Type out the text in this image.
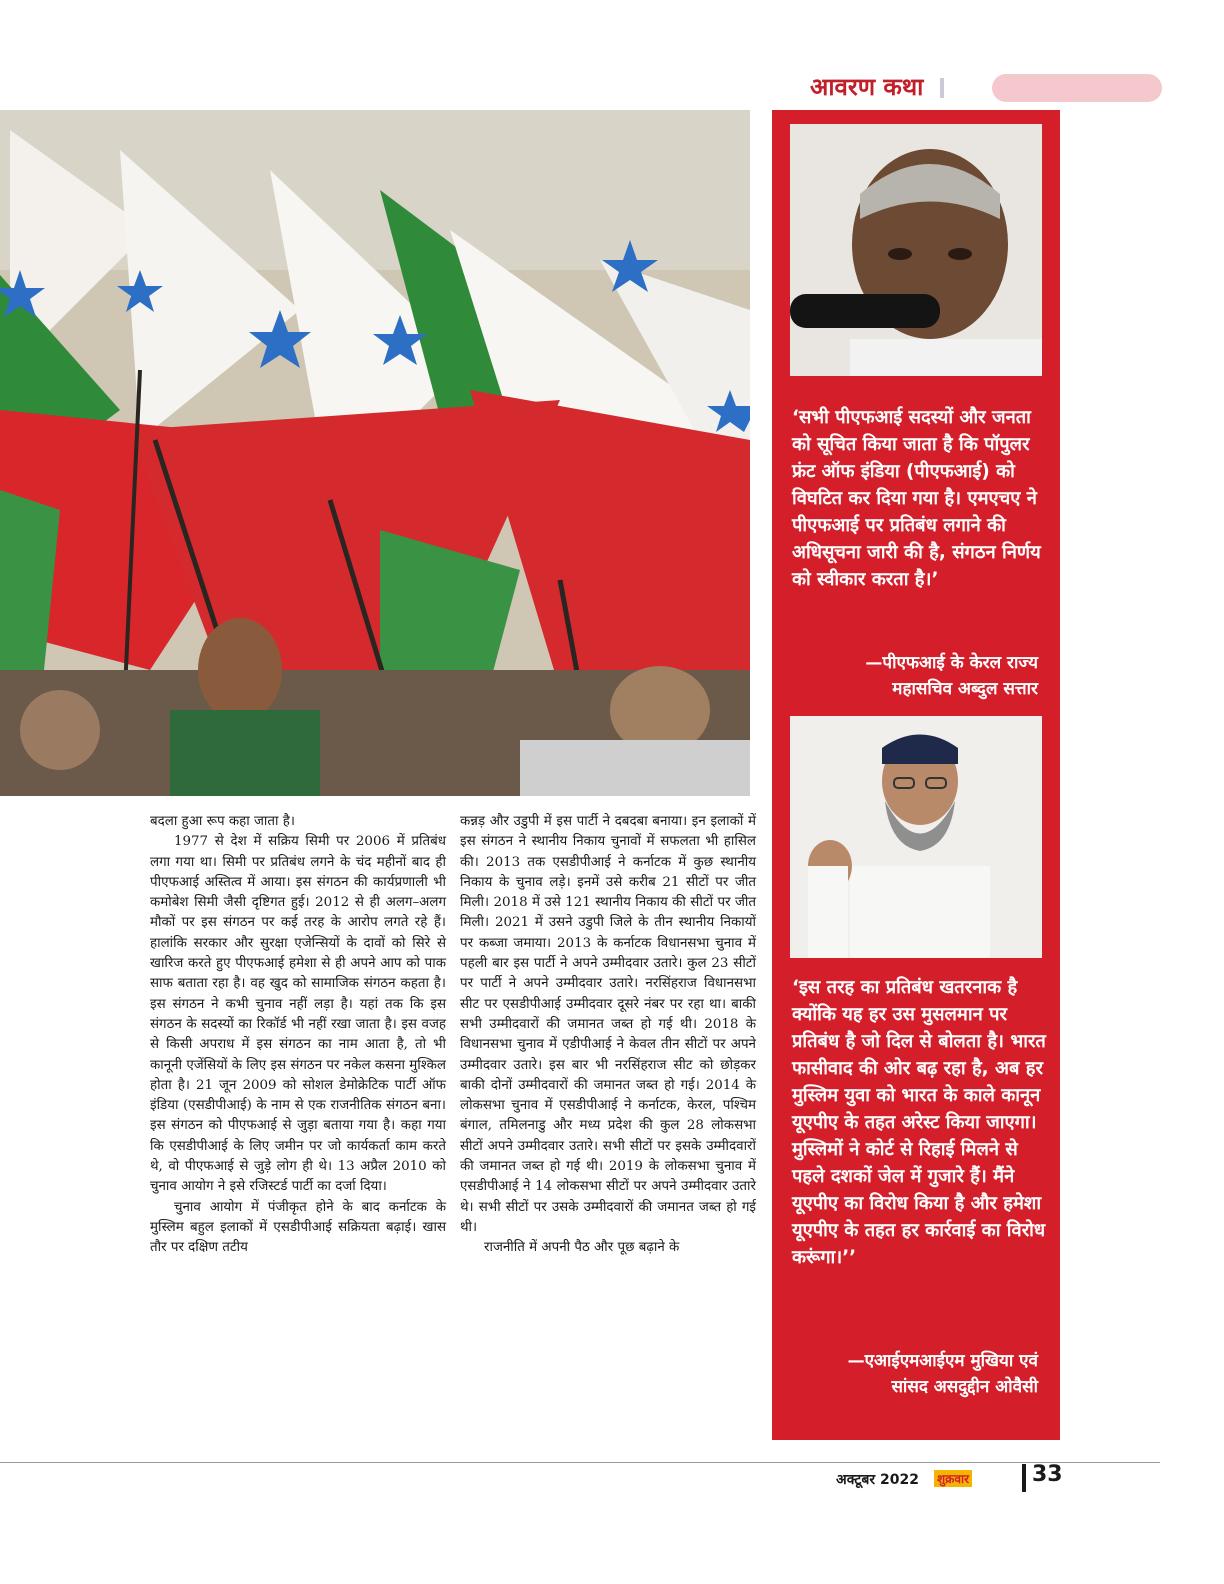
आवरण कथा

बदला हुआ रूप कहा जाता है।

1977 से देश में सक्रिय सिमी पर 2006 में प्रतिबंध लगा गया था। सिमी पर प्रतिबंध लगने के चंद महीनों बाद ही पीएफआई अस्तित्व में आया। इस संगठन की कार्यप्रणाली भी कमोबेश सिमी जैसी दृष्टिगत हुई। 2012 से ही अलग–अलग मौकों पर इस संगठन पर कई तरह के आरोप लगते रहे हैं। हालांकि सरकार और सुरक्षा एजेन्सियों के दावों को सिरे से खारिज करते हुए पीएफआई हमेशा से ही अपने आप को पाक साफ बताता रहा है। वह खुद को सामाजिक संगठन कहता है। इस संगठन ने कभी चुनाव नहीं लड़ा है। यहां तक कि इस संगठन के सदस्यों का रिकॉर्ड भी नहीं रखा जाता है। इस वजह से किसी अपराध में इस संगठन का नाम आता है, तो भी कानूनी एजेंसियों के लिए इस संगठन पर नकेल कसना मुश्किल होता है। 21 जून 2009 को सोशल डेमोक्रेटिक पार्टी ऑफ इंडिया (एसडीपीआई) के नाम से एक राजनीतिक संगठन बना। इस संगठन को पीएफआई से जुड़ा बताया गया है। कहा गया कि एसडीपीआई के लिए जमीन पर जो कार्यकर्ता काम करते थे, वो पीएफआई से जुड़े लोग ही थे। 13 अप्रैल 2010 को चुनाव आयोग ने इसे रजिस्टर्ड पार्टी का दर्जा दिया।

चुनाव आयोग में पंजीकृत होने के बाद कर्नाटक के मुस्लिम बहुल इलाकों में एसडीपीआई सक्रियता बढ़ाई। खास तौर पर दक्षिण तटीय

कन्नड़ और उडुपी में इस पार्टी ने दबदबा बनाया। इन इलाकों में इस संगठन ने स्थानीय निकाय चुनावों में सफलता भी हासिल की। 2013 तक एसडीपीआई ने कर्नाटक में कुछ स्थानीय निकाय के चुनाव लड़े। इनमें उसे करीब 21 सीटों पर जीत मिली। 2018 में उसे 121 स्थानीय निकाय की सीटों पर जीत मिली। 2021 में उसने उडुपी जिले के तीन स्थानीय निकायों पर कब्जा जमाया। 2013 के कर्नाटक विधानसभा चुनाव में पहली बार इस पार्टी ने अपने उम्मीदवार उतारे। कुल 23 सीटों पर पार्टी ने अपने उम्मीदवार उतारे। नरसिंहराज विधानसभा सीट पर एसडीपीआई उम्मीदवार दूसरे नंबर पर रहा था। बाकी सभी उम्मीदवारों की जमानत जब्त हो गई थी। 2018 के विधानसभा चुनाव में एडीपीआई ने केवल तीन सीटों पर अपने उम्मीदवार उतारे। इस बार भी नरसिंहराज सीट को छोड़कर बाकी दोनों उम्मीदवारों की जमानत जब्त हो गई। 2014 के लोकसभा चुनाव में एसडीपीआई ने कर्नाटक, केरल, पश्चिम बंगाल, तमिलनाडु और मध्य प्रदेश की कुल 28 लोकसभा सीटों अपने उम्मीदवार उतारे। सभी सीटों पर इसके उम्मीदवारों की जमानत जब्त हो गई थी। 2019 के लोकसभा चुनाव में एसडीपीआई ने 14 लोकसभा सीटों पर अपने उम्मीदवार उतारे थे। सभी सीटों पर उसके उम्मीदवारों की जमानत जब्त हो गई थी।

राजनीति में अपनी पैठ और पूछ बढ़ाने के

‘सभी पीएफआई सदस्यों और जनता को सूचित किया जाता है कि पॉपुलर फ्रंट ऑफ इंडिया (पीएफआई) को विघटित कर दिया गया है। एमएचए ने पीएफआई पर प्रतिबंध लगाने की अधिसूचना जारी की है, संगठन निर्णय को स्वीकार करता है।’
—पीएफआई के केरल राज्य
महासचिव अब्दुल सत्तार
‘इस तरह का प्रतिबंध खतरनाक है क्योंकि यह हर उस मुसलमान पर प्रतिबंध है जो दिल से बोलता है। भारत फासीवाद की ओर बढ़ रहा है, अब हर मुस्लिम युवा को भारत के काले कानून यूएपीए के तहत अरेस्ट किया जाएगा। मुस्लिमों ने कोर्ट से रिहाई मिलने से पहले दशकों जेल में गुजारे हैं। मैंने यूएपीए का विरोध किया है और हमेशा यूएपीए के तहत हर कार्रवाई का विरोध करूंगा।’’
—एआईएमआईएम मुखिया एवं
सांसद असदुद्दीन ओवैसी
अक्टूबर 2022 शुक्रवार	33
